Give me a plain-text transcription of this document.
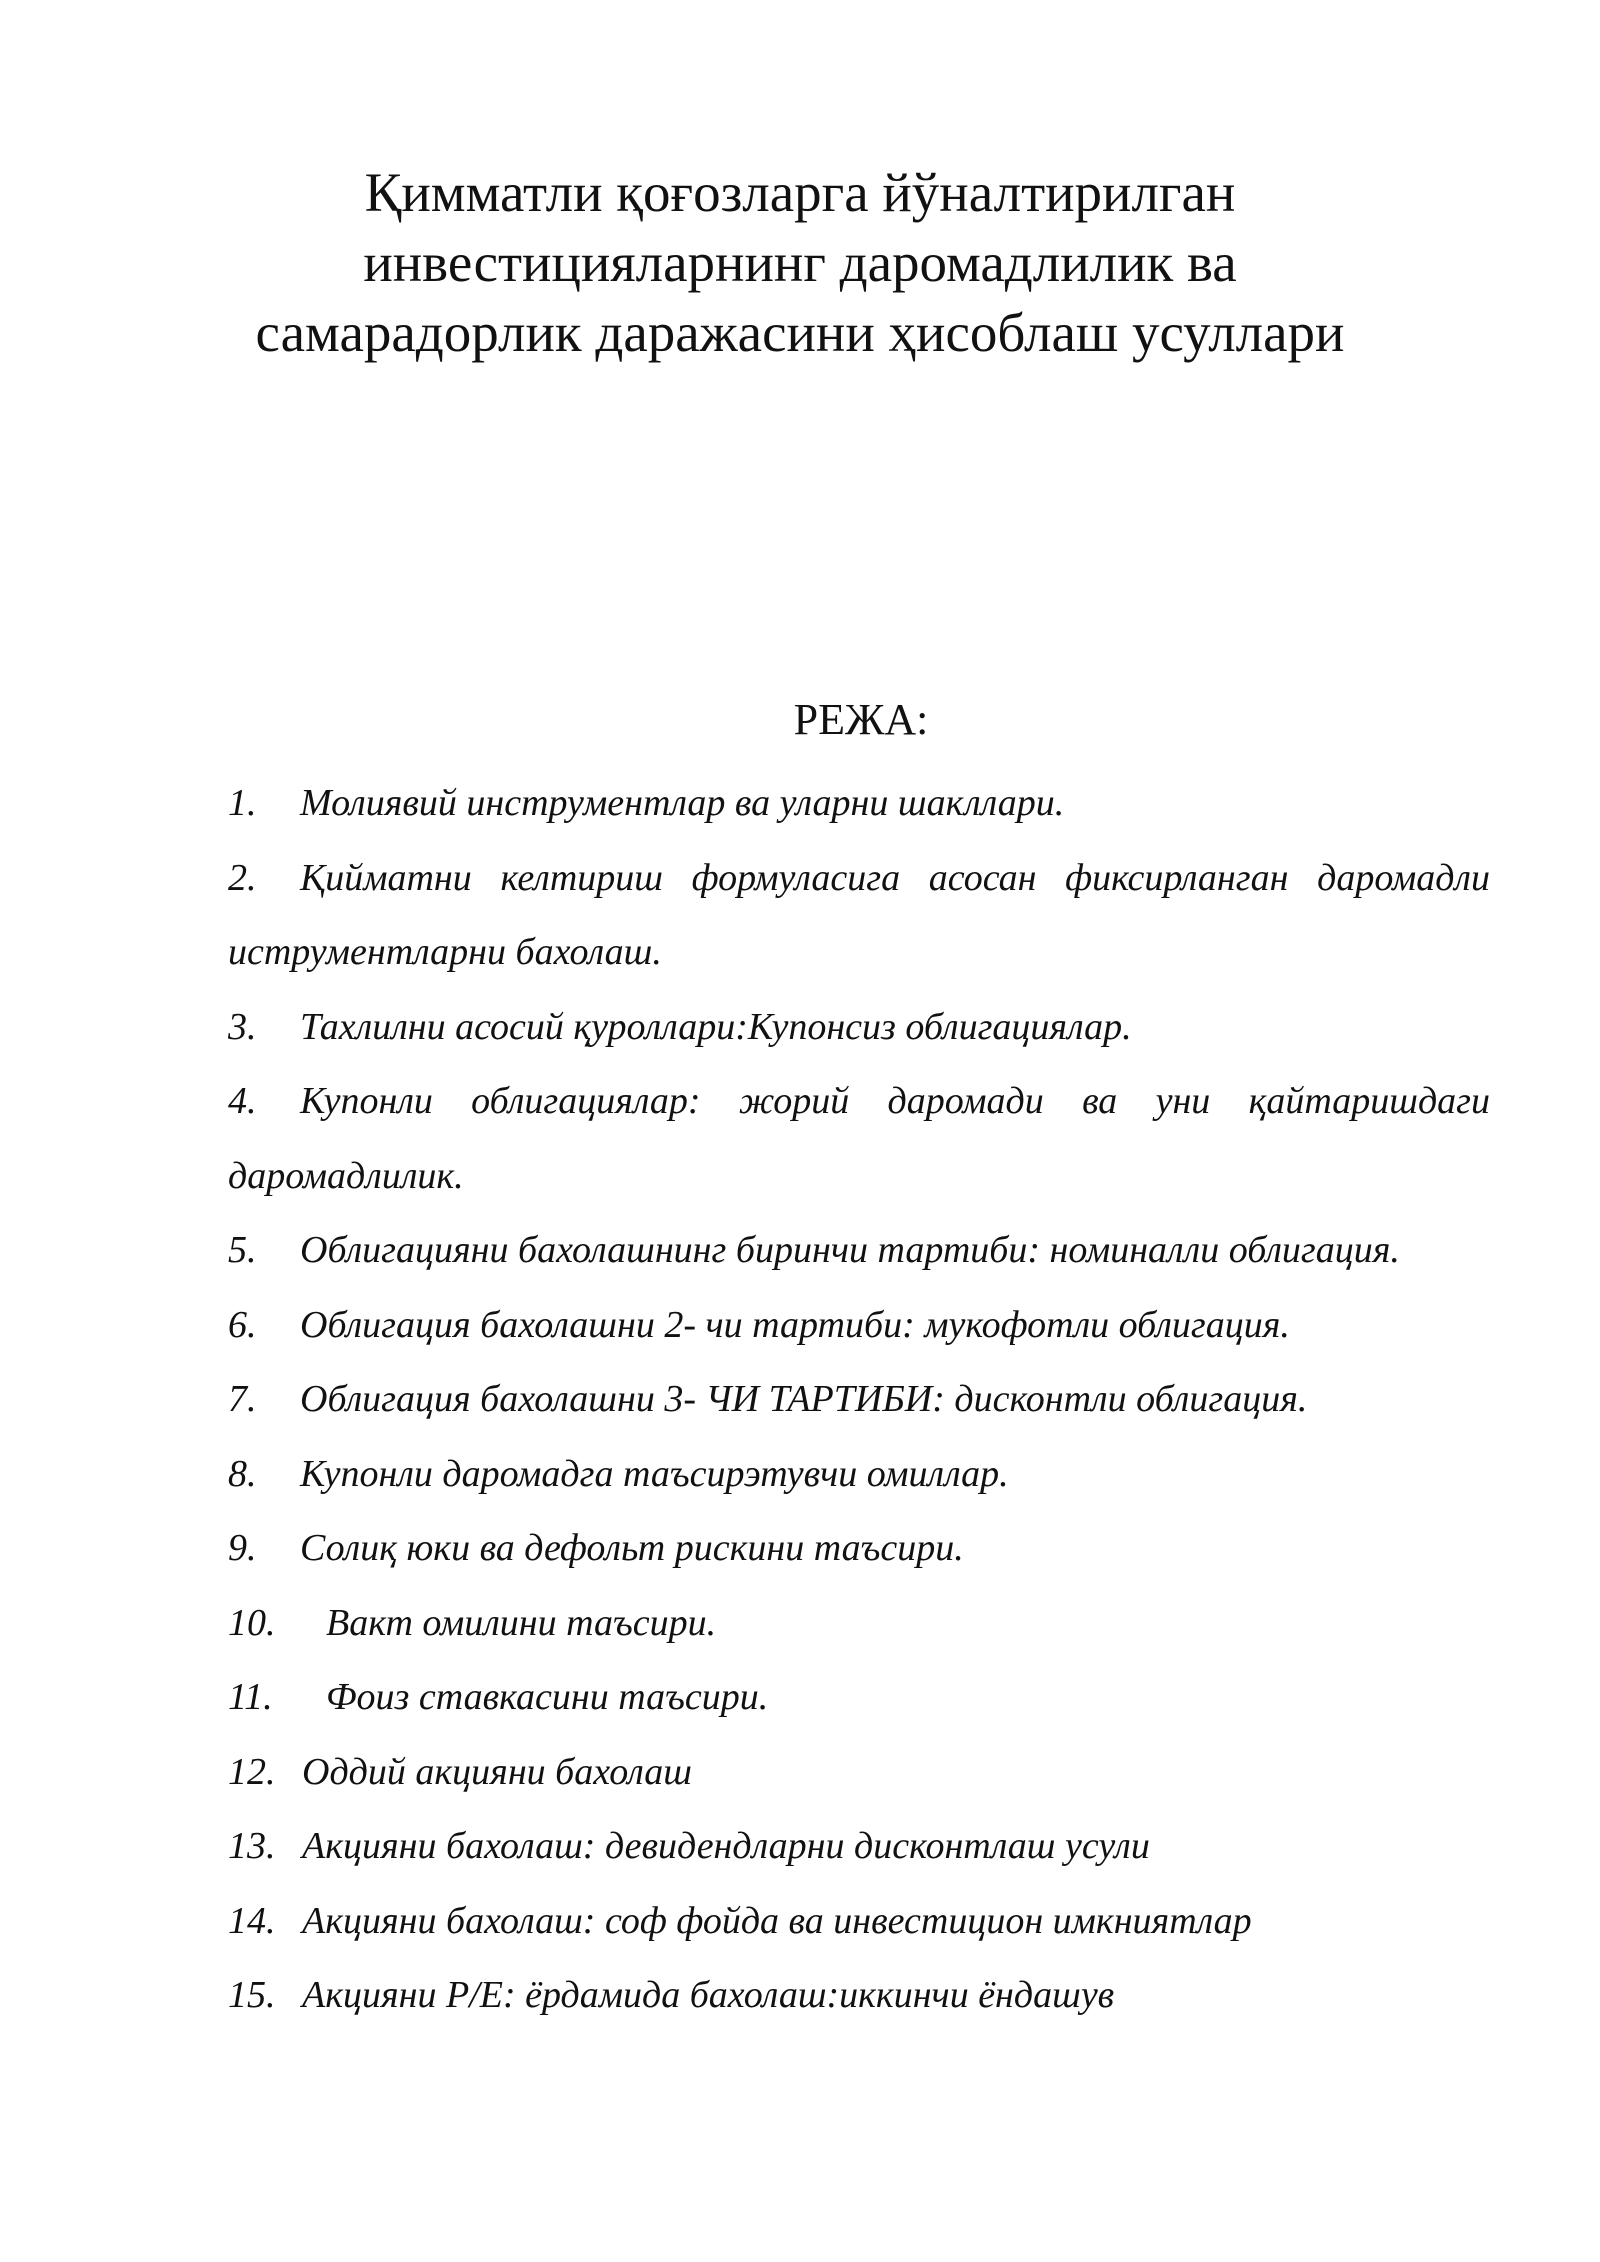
Қимматли қоғозларга йўналтирилган
инвестицияларнинг даромадлилик ва
самарадорлик даражасини ҳисоблаш усуллари
РЕЖА:
1. Молиявий инструментлар ва уларни шакллари.
2. Қийматни келтириш формуласига асосан фиксирланган даромадли иструментларни бахолаш.
3. Тахлилни асосий қуроллари:Купонсиз облигациялар.
4. Купонли облигациялар: жорий даромади ва уни қайтаришдаги даромадлилик.
5. Облигацияни бахолашнинг биринчи тартиби: номиналли облигация.
6. Облигация бахолашни 2- чи тартиби: мукофотли облигация.
7. Облигация бахолашни 3- ЧИ ТАРТИБИ: дисконтли облигация.
8. Купонли даромадга таъсирэтувчи омиллар.
9. Солиқ юки ва дефольт рискини таъсири.
10. Вакт омилини таъсири.
11. Фоиз ставкасини таъсири.
12. Оддий акцияни бахолаш
13. Акцияни бахолаш: девидендларни дисконтлаш усули
14. Акцияни бахолаш: соф фойда ва инвестицион имкниятлар
15. Акцияни P/E: ёрдамида бахолаш:иккинчи ёндашув
